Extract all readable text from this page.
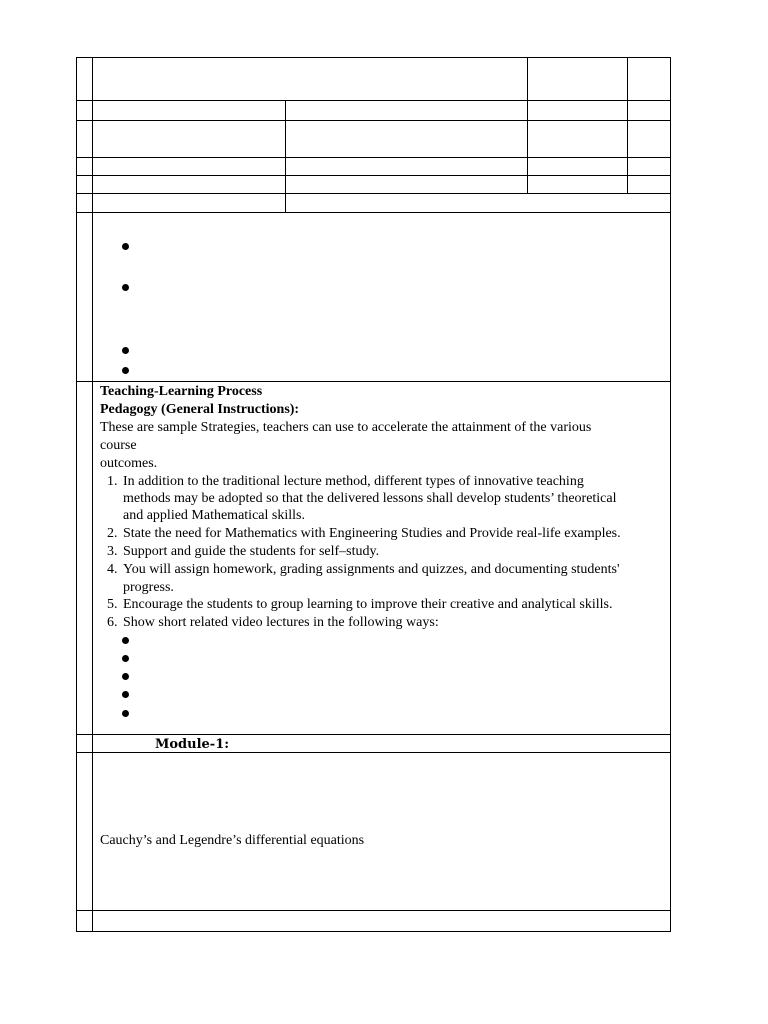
Teaching-Learning Process
Pedagogy (General Instructions):
These are sample Strategies, teachers can use to accelerate the attainment of the various
course
outcomes.
1. In addition to the traditional lecture method, different types of innovative teaching
methods may be adopted so that the delivered lessons shall develop students’ theoretical
and applied Mathematical skills.
2. State the need for Mathematics with Engineering Studies and Provide real-life examples.
3. Support and guide the students for self–study.
4. You will assign homework, grading assignments and quizzes, and documenting students'
progress.
5. Encourage the students to group learning to improve their creative and analytical skills.
6. Show short related video lectures in the following ways:
Module-1:
Cauchy’s and Legendre’s differential equations
